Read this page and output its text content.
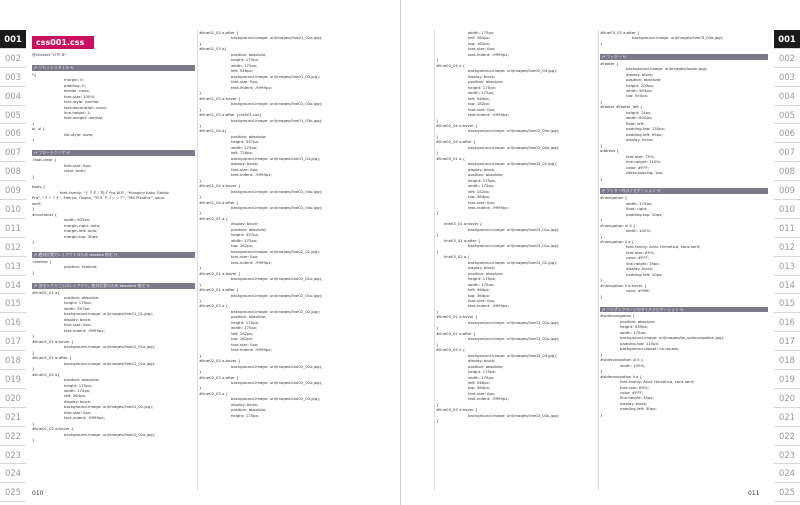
001
002
003
004
005
006
007
008
009
010
011
012
013
014
015
016
017
018
019
020
021
022
023
024
025
001
002
003
004
005
006
007
008
009
010
011
012
013
014
015
016
017
018
019
020
021
022
023
024
025
css001.css
@charset "UTF-8";
/* リセットスタイル */
*{
margin: 0;
padding: 0;
border: none;
font-size: 100%;
font-style: normal;
text-decoration: none;
line-height: 1;
font-weight: normal;
}
ol, ul {
list-style: none;
}
/* フロートクリア */
.float-clear {
font-size: 0px;
clear: both;
}
body {
font-family: "ヒラギノ角ゴ Pro W3", "Hiragino Kaku Gothic
Pro", "メイリオ", Meiryo, Osaka, "ＭＳ Ｐゴシック", "MS PGothic", sans-
serif;
}
#container {
width: 903px;
margin-right: auto;
margin-left: auto;
margin-top: 30px;
}
/* 絶対位置でレイアウトのため relative 指定 */
.relative {
position: relative;
}
/* 各ボックスごとのレイアウト。絶対位置のため absolute 指定 */
#line01_01 a{
position: absolute;
height: 175px;
width: 357px;
background-image: url(images/line01_01.jpg);
display: block;
font-size: 0px;
text-indent: -9999px;
}
#line01_01 a:hover {
background-image: url(images/line01_01o.jpg);
}
#line01_01 a:after {
background-image: url(images/line01_01o.jpg);
}
#line01_02 a{
position: absolute;
height: 175px;
width: 175px;
left: 364px;
display: block;
background-image: url(images/line01_02.jpg);
font-size: 0px;
text-indent: -9999px;
}
#line01_02 a:hover {
background-image: url(images/line01_02o.jpg);
}
#line01_02 a:after {
background-image: url(images/line01_02o.jpg);
}
#line01_03 a{
position: absolute;
height: 175px;
width: 175px;
left: 546px;
background-image: url(images/line01_03.jpg);
font-size: 0px;
text-indent: -9999px;
}
#line01_03 a:hover {
background-image: url(images/line01_03o.jpg);
}
#line01_03 a:after {css001.css}
background-image: url(images/line01_03o.jpg);
}
#line01_04 a{
position: absolute;
height: 357px;
width: 175px;
left: 728px;
background-image: url(images/line01_04.jpg);
display: block;
font-size: 0px;
text-indent: -9999px;
}
#line01_04 a:hover {
background-image: url(images/line01_04o.jpg);
}
#line01_04 a:after {
background-image: url(images/line01_04o.jpg);
}
#line02_01 a {
display: block;
position: absolute;
height: 357px;
width: 175px;
top: 182px;
background-image: url(images/line02_01.jpg);
font-size: 0px;
text-indent: -9999px;
}
#line02_01 a:hover {
background-image: url(images/line02_01o.jpg);
}
#line02_01 a:after {
background-image: url(images/line02_01o.jpg);
}
#line02_02 a {
background-image: url(images/line02_02.jpg);
position: absolute;
height: 175px;
width: 175px;
left: 182px;
top: 182px;
font-size: 0px;
text-indent: -9999px;
}
#line02_02 a:hover {
background-image: url(images/line02_02o.jpg);
}
#line02_02 a:after {
background-image: url(images/line02_02o.jpg);
}
#line02_03 a {
background-image: url(images/line02_03.jpg);
display: block;
position: absolute;
height: 175px;
width: 175px;
left: 364px;
top: 182px;
font-size: 0px;
text-indent: -9999px;
}
#line02_04 a {
background-image: url(images/line02_04.jpg);
display: block;
position: absolute;
height: 175px;
width: 175px;
left: 546px;
top: 182px;
font-size: 0px;
text-indent: -9999px;
}
#line02_04 a:hover {
background-image: url(images/line02_04o.jpg);
}
#line02_04 a:after {
background-image: url(images/line02_04o.jpg);
}
#line03_01 a {
background-image: url(images/line03_01.jpg);
display: block;
position: absolute;
height: 175px;
width: 175px;
left: 182px;
top: 364px;
font-size: 0px;
text-indent: -9999px;
}
line03_01 a:hover {
background-image: url(images/line03_01o.jpg);
}
line03_01 a:after {
background-image: url(images/line03_01o.jpg);
}
line03_02 a {
background-image: url(images/line03_02.jpg);
display: block;
position: absolute;
height: 175px;
width: 175px;
left: 364px;
top: 364px;
font-size: 0px;
text-indent: -9999px;
}
#line03_02 a:hover {
background-image: url(images/line03_02o.jpg);
}
#line03_02 a:after {
background-image: url(images/line03_02o.jpg);
}
#line03_03 a {
background-image: url(images/line03_03.jpg);
display: block;
position: absolute;
height: 175px;
width: 175px;
left: 546px;
top: 364px;
font-size: 0px;
text-indent: -9999px;
}
#line03_03 a:hover {
background-image: url(images/line03_03o.jpg);
}
#line03_03 a:after {
background-image: url(images/line03_03o.jpg);
}
/* フッター */
#footer {
background-image: url(images/footer.jpg);
display: block;
position: absolute;
height: 209px;
width: 903px;
top: 550px;
}
#footer #footer_left {
height: 74px;
width: 600px;
float: left;
padding-top: 135px;
padding-left: 95px;
display: inline;
}
address {
font-size: 75%;
line-height: 110%;
color: #FFF;
letter-spacing: 1px;
}
/* フッター内のナビゲーション */
#navigation {
width: 175px;
float: right;
padding-top: 20px;
}
#navigation ul li {
width: 100%;
}
#navigation li a {
font-family: Arial, Helvetica, sans-serif;
font-size: 85%;
color: #FFF;
line-height: 35px;
display: block;
padding-left: 10px;
}
#navigation li a:hover {
color: #99ff;
}
/* コンテンツページのサイドナビゲーション */
#sidenavigation {
position: absolute;
height: 539px;
width: 175px;
background-image: url(images/bk_subnavigation.jpg);
padding-top: 115px;
background-repeat: no-repeat;
}
#sidenavigation ul li {
width: 100%;
}
#sidenavigation li a {
font-family: Arial, Helvetica, sans-serif;
font-size: 85%;
color: #FFF;
line-height: 35px;
display: block;
padding-left: 30px;
}
010	011
